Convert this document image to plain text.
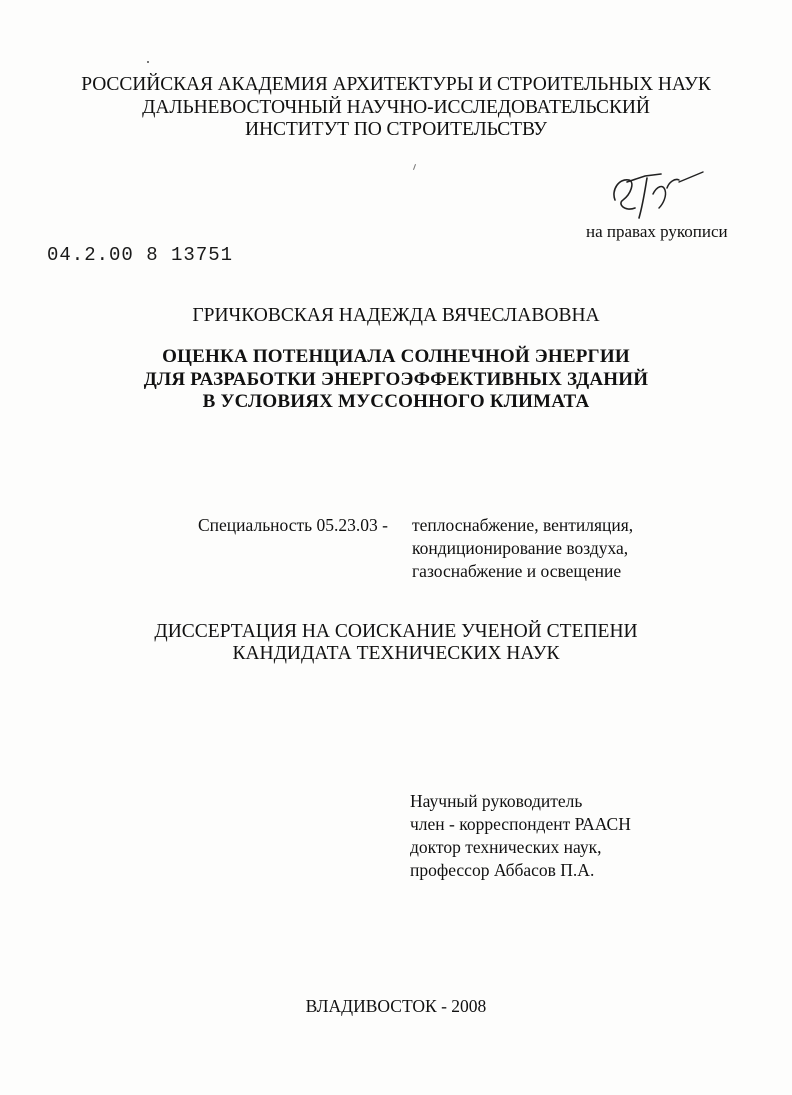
РОССИЙСКАЯ АКАДЕМИЯ АРХИТЕКТУРЫ И СТРОИТЕЛЬНЫХ НАУК
ДАЛЬНЕВОСТОЧНЫЙ НАУЧНО-ИССЛЕДОВАТЕЛЬСКИЙ
ИНСТИТУТ ПО СТРОИТЕЛЬСТВУ
на правах рукописи
04.2.00 8 13751
ГРИЧКОВСКАЯ НАДЕЖДА ВЯЧЕСЛАВОВНА
ОЦЕНКА ПОТЕНЦИАЛА СОЛНЕЧНОЙ ЭНЕРГИИ
ДЛЯ РАЗРАБОТКИ ЭНЕРГОЭФФЕКТИВНЫХ ЗДАНИЙ
В УСЛОВИЯХ МУССОННОГО КЛИМАТА
Специальность 05.23.03 - теплоснабжение, вентиляция,
кондиционирование воздуха,
газоснабжение и освещение
ДИССЕРТАЦИЯ НА СОИСКАНИЕ УЧЕНОЙ СТЕПЕНИ
КАНДИДАТА ТЕХНИЧЕСКИХ НАУК
Научный руководитель
член - корреспондент РААСН
доктор технических наук,
профессор Аббасов П.А.
ВЛАДИВОСТОК - 2008
